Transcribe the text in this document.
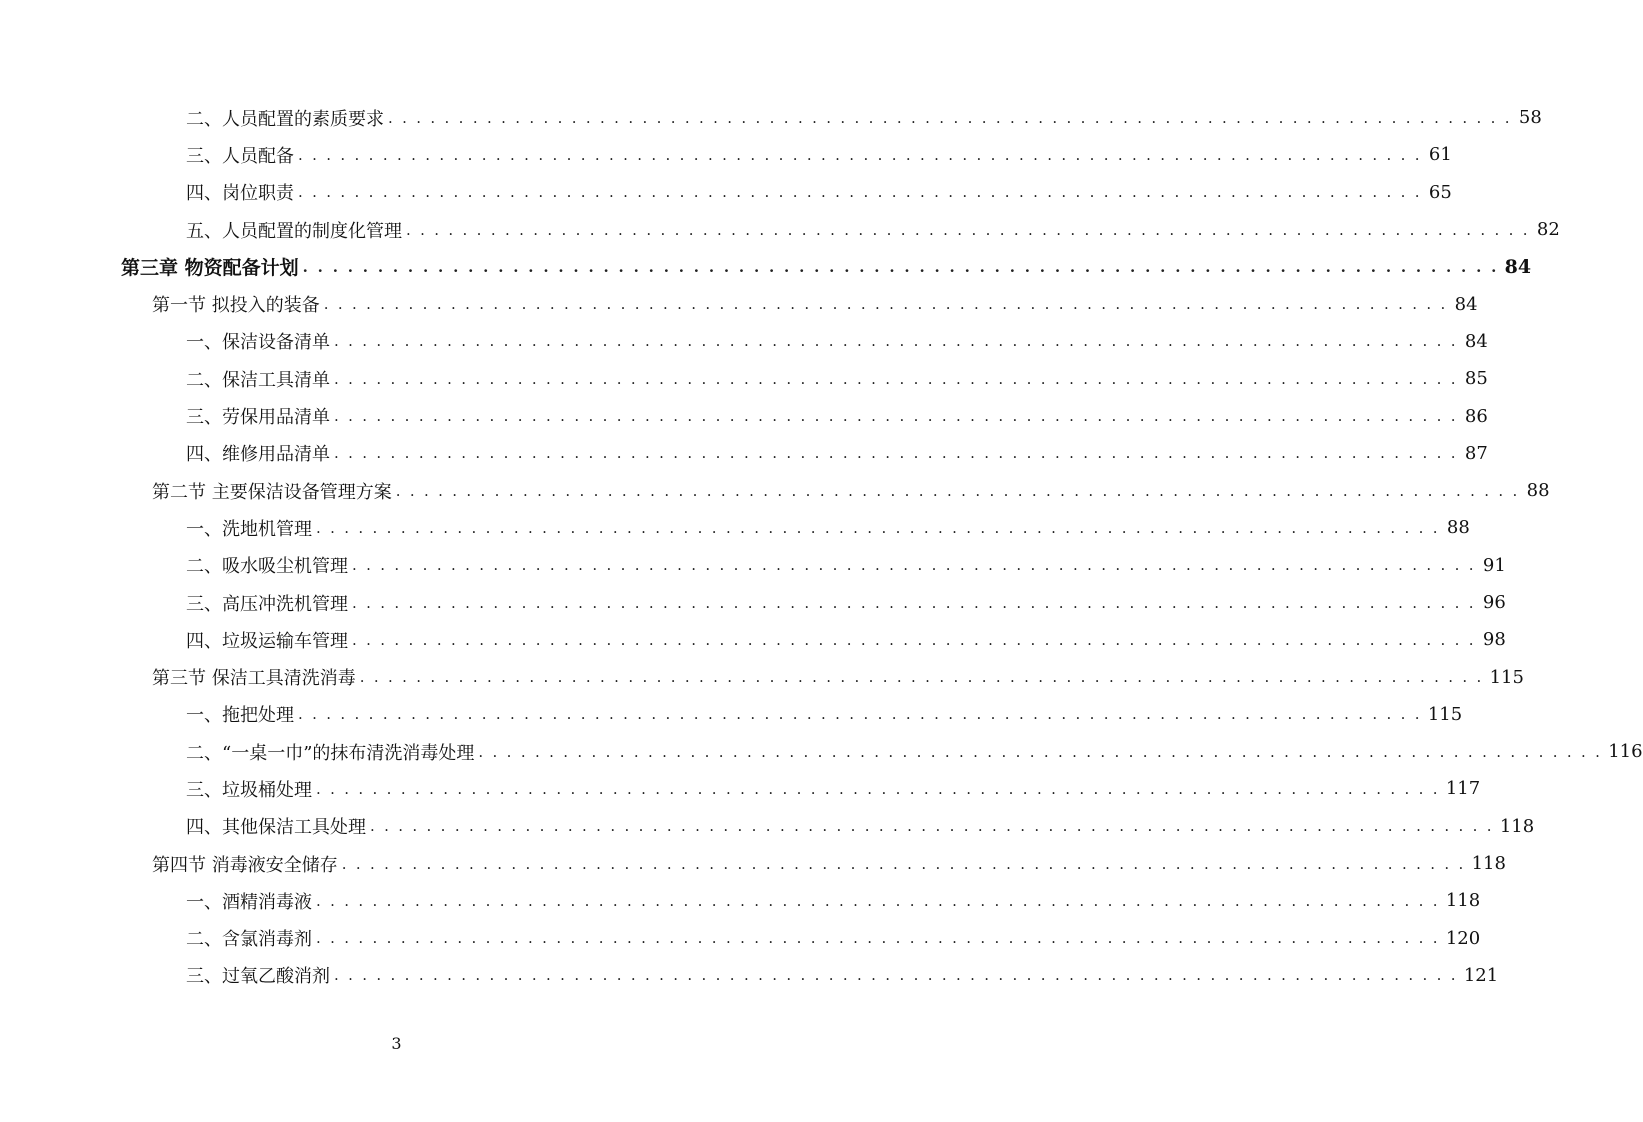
二、人员配置的素质要求 . . . . . . . . . . . . . . . . . . . . . . . . . . . . . . . . . . . . . . . . . . . . . . . . . . . . . . . . . . . . . . . . . . . . . . . . . . . . . . . . 58
三、人员配备 . . . . . . . . . . . . . . . . . . . . . . . . . . . . . . . . . . . . . . . . . . . . . . . . . . . . . . . . . . . . . . . . . . . . . . . . . . . . . . . . 61
四、岗位职责 . . . . . . . . . . . . . . . . . . . . . . . . . . . . . . . . . . . . . . . . . . . . . . . . . . . . . . . . . . . . . . . . . . . . . . . . . . . . . . . . 65
五、人员配置的制度化管理 . . . . . . . . . . . . . . . . . . . . . . . . . . . . . . . . . . . . . . . . . . . . . . . . . . . . . . . . . . . . . . . . . . . . . . . . . . . . . . . . 82
第三章 物资配备计划 . . . . . . . . . . . . . . . . . . . . . . . . . . . . . . . . . . . . . . . . . . . . . . . . . . . . . . . . . . . . . . . . . . . . . . . . . . . . . . . . 84
第一节 拟投入的装备 . . . . . . . . . . . . . . . . . . . . . . . . . . . . . . . . . . . . . . . . . . . . . . . . . . . . . . . . . . . . . . . . . . . . . . . . . . . . . . . . 84
一、保洁设备清单 . . . . . . . . . . . . . . . . . . . . . . . . . . . . . . . . . . . . . . . . . . . . . . . . . . . . . . . . . . . . . . . . . . . . . . . . . . . . . . . . 84
二、保洁工具清单 . . . . . . . . . . . . . . . . . . . . . . . . . . . . . . . . . . . . . . . . . . . . . . . . . . . . . . . . . . . . . . . . . . . . . . . . . . . . . . . . 85
三、劳保用品清单 . . . . . . . . . . . . . . . . . . . . . . . . . . . . . . . . . . . . . . . . . . . . . . . . . . . . . . . . . . . . . . . . . . . . . . . . . . . . . . . . 86
四、维修用品清单 . . . . . . . . . . . . . . . . . . . . . . . . . . . . . . . . . . . . . . . . . . . . . . . . . . . . . . . . . . . . . . . . . . . . . . . . . . . . . . . . 87
第二节 主要保洁设备管理方案 . . . . . . . . . . . . . . . . . . . . . . . . . . . . . . . . . . . . . . . . . . . . . . . . . . . . . . . . . . . . . . . . . . . . . . . . . . . . . . . . 88
一、洗地机管理 . . . . . . . . . . . . . . . . . . . . . . . . . . . . . . . . . . . . . . . . . . . . . . . . . . . . . . . . . . . . . . . . . . . . . . . . . . . . . . . . 88
二、吸水吸尘机管理 . . . . . . . . . . . . . . . . . . . . . . . . . . . . . . . . . . . . . . . . . . . . . . . . . . . . . . . . . . . . . . . . . . . . . . . . . . . . . . . . 91
三、高压冲洗机管理 . . . . . . . . . . . . . . . . . . . . . . . . . . . . . . . . . . . . . . . . . . . . . . . . . . . . . . . . . . . . . . . . . . . . . . . . . . . . . . . . 96
四、垃圾运输车管理 . . . . . . . . . . . . . . . . . . . . . . . . . . . . . . . . . . . . . . . . . . . . . . . . . . . . . . . . . . . . . . . . . . . . . . . . . . . . . . . . 98
第三节 保洁工具清洗消毒 . . . . . . . . . . . . . . . . . . . . . . . . . . . . . . . . . . . . . . . . . . . . . . . . . . . . . . . . . . . . . . . . . . . . . . . . . . . . . . . . 115
一、拖把处理 . . . . . . . . . . . . . . . . . . . . . . . . . . . . . . . . . . . . . . . . . . . . . . . . . . . . . . . . . . . . . . . . . . . . . . . . . . . . . . . . 115
二、“一桌一巾”的抹布清洗消毒处理 . . . . . . . . . . . . . . . . . . . . . . . . . . . . . . . . . . . . . . . . . . . . . . . . . . . . . . . . . . . . . . . . . . . . . . . . . . . . . . . . 116
三、垃圾桶处理 . . . . . . . . . . . . . . . . . . . . . . . . . . . . . . . . . . . . . . . . . . . . . . . . . . . . . . . . . . . . . . . . . . . . . . . . . . . . . . . . 117
四、其他保洁工具处理 . . . . . . . . . . . . . . . . . . . . . . . . . . . . . . . . . . . . . . . . . . . . . . . . . . . . . . . . . . . . . . . . . . . . . . . . . . . . . . . . 118
第四节 消毒液安全储存 . . . . . . . . . . . . . . . . . . . . . . . . . . . . . . . . . . . . . . . . . . . . . . . . . . . . . . . . . . . . . . . . . . . . . . . . . . . . . . . . 118
一、酒精消毒液 . . . . . . . . . . . . . . . . . . . . . . . . . . . . . . . . . . . . . . . . . . . . . . . . . . . . . . . . . . . . . . . . . . . . . . . . . . . . . . . . 118
二、含氯消毒剂 . . . . . . . . . . . . . . . . . . . . . . . . . . . . . . . . . . . . . . . . . . . . . . . . . . . . . . . . . . . . . . . . . . . . . . . . . . . . . . . . 120
三、过氧乙酸消剂 . . . . . . . . . . . . . . . . . . . . . . . . . . . . . . . . . . . . . . . . . . . . . . . . . . . . . . . . . . . . . . . . . . . . . . . . . . . . . . . . 121
3
